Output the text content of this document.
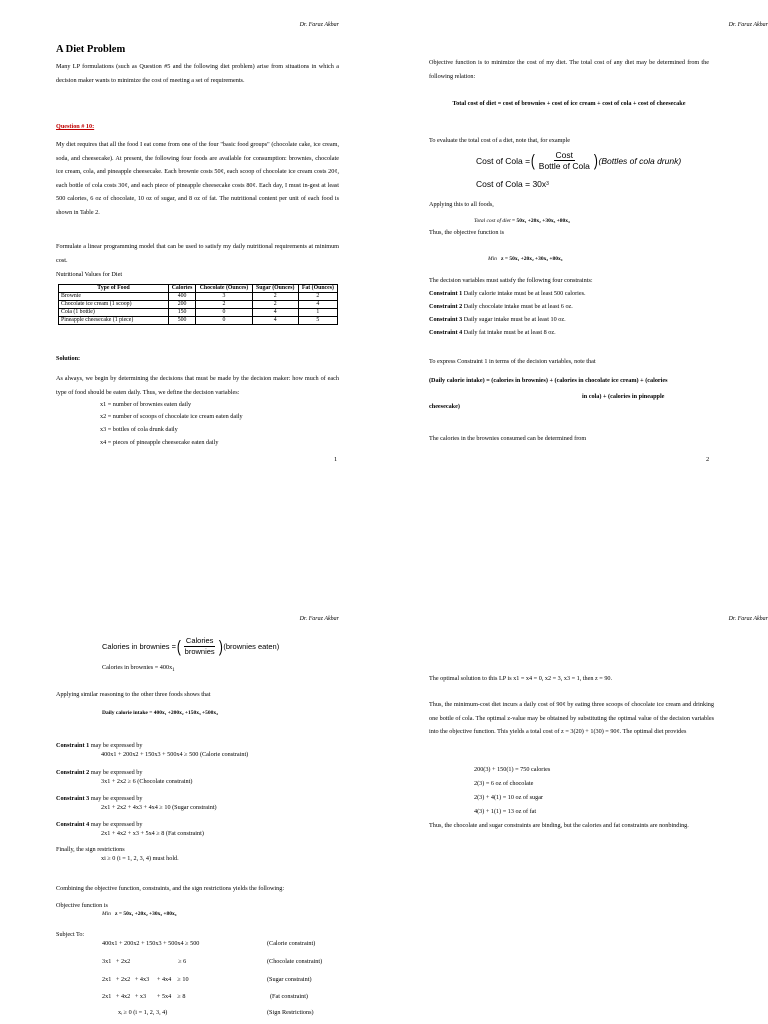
Dr. Faraz Akbar
A Diet Problem
Many LP formulations (such as Question #5 and the following diet problem) arise from situations in which a decision maker wants to minimize the cost of meeting a set of requirements.
Question # 10:
My diet requires that all the food I eat come from one of the four "basic food groups" (chocolate cake, ice cream, soda, and cheesecake). At present, the following four foods are available for consumption: brownies, chocolate ice cream, cola, and pineapple cheesecake. Each brownie costs 50¢, each scoop of chocolate ice cream costs 20¢, each bottle of cola costs 30¢, and each piece of pineapple cheesecake costs 80¢. Each day, I must in-gest at least 500 calories, 6 oz of chocolate, 10 oz of sugar, and 8 oz of fat. The nutritional content per unit of each food is shown in Table 2.
Formulate a linear programming model that can be used to satisfy my daily nutritional requirements at minimum cost.
Nutritional Values for Diet
Type of Food	Calories	Chocolate (Ounces)	Sugar (Ounces)	Fat (Ounces)
Brownie	400	3	2	2
Chocolate ice cream (1 scoop)	200	2	2	4
Cola (1 bottle)	150	0	4	1
Pineapple cheesecake (1 piece)	500	0	4	5
Solution:
As always, we begin by determining the decisions that must be made by the decision maker: how much of each type of food should be eaten daily. Thus, we define the decision variables:
x1 = number of brownies eaten daily
x2 = number of scoops of chocolate ice cream eaten daily
x3 = bottles of cola drunk daily
x4 = pieces of pineapple cheesecake eaten daily
1
Dr. Faraz Akbar
Objective function is to minimize the cost of my diet. The total cost of any diet may be determined from the following relation:
Total cost of diet = cost of brownies + cost of ice cream + cost of cola + cost of cheesecake
To evaluate the total cost of a diet, note that, for example
Cost of Cola = ( $\frac{\text{Cost}}{\text{Bottle of Cola}}$ ) (Bottles of cola drunk)
Cost of Cola = 30x 3
Applying this to all foods,
Total cost of diet = 50x₁ +20x₂ +30x₃ +80x₄
Thus, the objective function is
Min z = 50x₁ +20x₂ +30x₃ +80x₄
The decision variables must satisfy the following four constraints:
Constraint 1 Daily calorie intake must be at least 500 calories.
Constraint 2 Daily chocolate intake must be at least 6 oz.
Constraint 3 Daily sugar intake must be at least 10 oz.
Constraint 4 Daily fat intake must be at least 8 oz.
To express Constraint 1 in terms of the decision variables, note that
(Daily calorie intake) = (calories in brownies) + (calories in chocolate ice cream) + (calories
in cola) + (calories in pineapple
cheesecake)
The calories in the brownies consumed can be determined from
2
Dr. Faraz Akbar
Calories in brownies = ( $\frac{\text{Calories}}{\text{brownies}}$ ) (brownies eaten)
Calories in brownies = $400x_1$
Applying similar reasoning to the other three foods shows that
Daily calorie intake = 400x₁ +200x₂ +150x₃ +500x₄
Constraint 1 may be expressed by
400x1 + 200x2 + 150x3 + 500x4 ≥ 500 (Calorie constraint)
Constraint 2 may be expressed by
3x1 + 2x2 ≥ 6 (Chocolate constraint)
Constraint 3 may be expressed by
2x1 + 2x2 + 4x3 + 4x4 ≥ 10 (Sugar constraint)
Constraint 4 may be expressed by
2x1 + 4x2 + x3 + 5x4 ≥ 8 (Fat constraint)
Finally, the sign restrictions
xi ≥ 0 (i = 1, 2, 3, 4) must hold.
Combining the objective function, constraints, and the sign restrictions yields the following:
Objective function is
Min z = 50x₁ +20x₂ +30x₃ +80x₄
Subject To:
400x1 + 200x2 + 150x3 + 500x4 ≥ 500	(Calorie constraint)
3x1   + 2x2                               ≥ 6	(Chocolate constraint)
2x1   + 2x2   + 4x3     + 4x4    ≥ 10	(Sugar constraint)
2x1   + 4x2   + x3       + 5x4    ≥ 8	(Fat constraint)
xᵢ ≥ 0 (i = 1, 2, 3, 4)	(Sign Restrictions)
Dr. Faraz Akbar
The optimal solution to this LP is x1 = x4 = 0, x2 = 3, x3 = 1, then z = 90.
Thus, the minimum-cost diet incurs a daily cost of 90¢ by eating three scoops of chocolate ice cream and drinking one bottle of cola. The optimal z-value may be obtained by substituting the optimal value of the decision variables into the objective function. This yields a total cost of z = 3(20) + 1(30) = 90¢. The optimal diet provides
200(3) + 150(1) = 750 calories
2(3) = 6 oz of chocolate
2(3) + 4(1) = 10 oz of sugar
4(3) + 1(1) = 13 oz of fat
Thus, the chocolate and sugar constraints are binding, but the calories and fat constraints are nonbinding.
